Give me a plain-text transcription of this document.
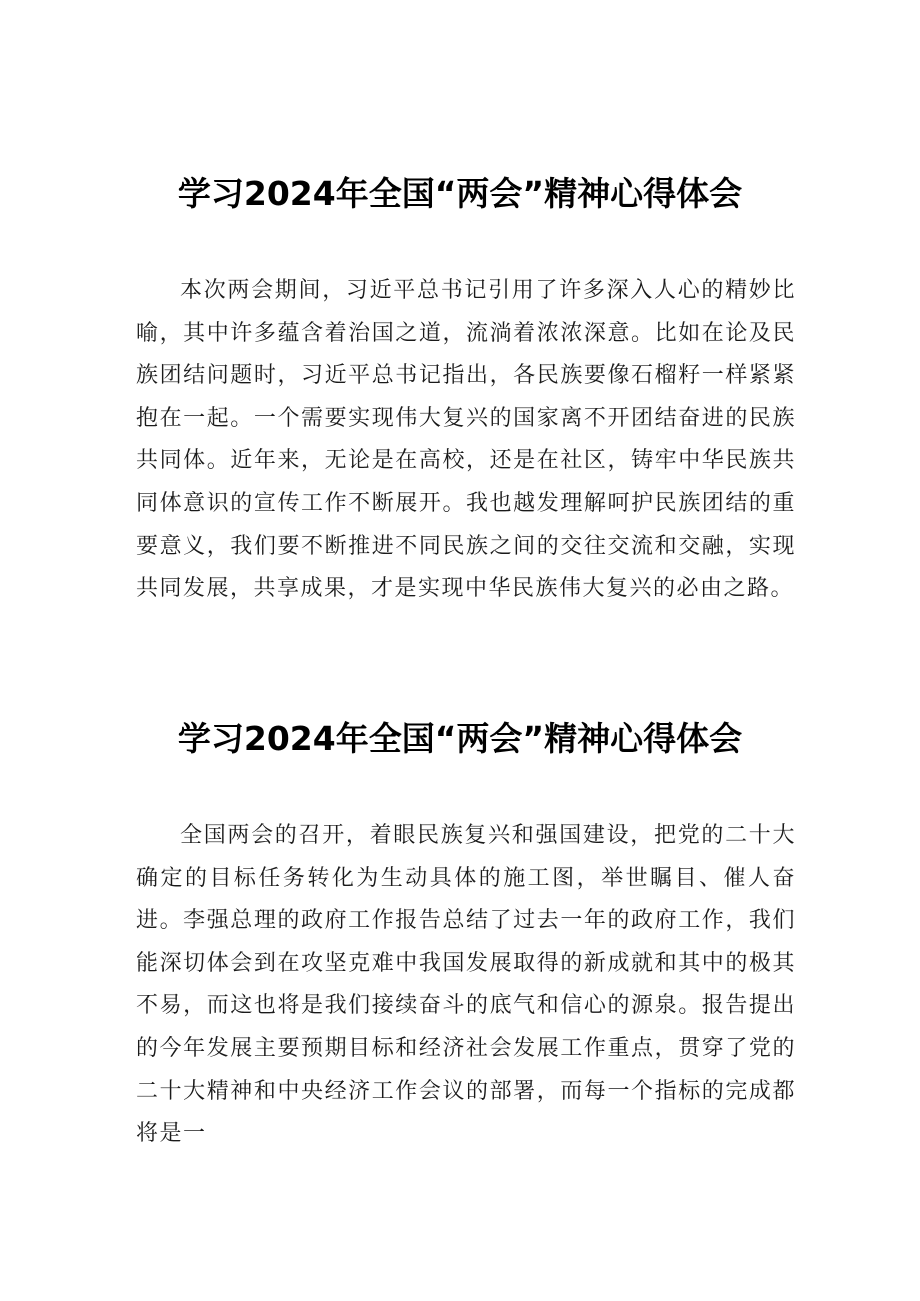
学习2024年全国“两会”精神心得体会

本次两会期间，习近平总书记引用了许多深入人心的精妙比喻，其中许多蕴含着治国之道，流淌着浓浓深意。比如在论及民族团结问题时，习近平总书记指出，各民族要像石榴籽一样紧紧抱在一起。一个需要实现伟大复兴的国家离不开团结奋进的民族共同体。近年来，无论是在高校，还是在社区，铸牢中华民族共同体意识的宣传工作不断展开。我也越发理解呵护民族团结的重要意义，我们要不断推进不同民族之间的交往交流和交融，实现共同发展，共享成果，才是实现中华民族伟大复兴的必由之路。

学习2024年全国“两会”精神心得体会

全国两会的召开，着眼民族复兴和强国建设，把党的二十大确定的目标任务转化为生动具体的施工图，举世瞩目、催人奋进。李强总理的政府工作报告总结了过去一年的政府工作，我们能深切体会到在攻坚克难中我国发展取得的新成就和其中的极其不易，而这也将是我们接续奋斗的底气和信心的源泉。报告提出的今年发展主要预期目标和经济社会发展工作重点，贯穿了党的二十大精神和中央经济工作会议的部署，而每一个指标的完成都将是一
